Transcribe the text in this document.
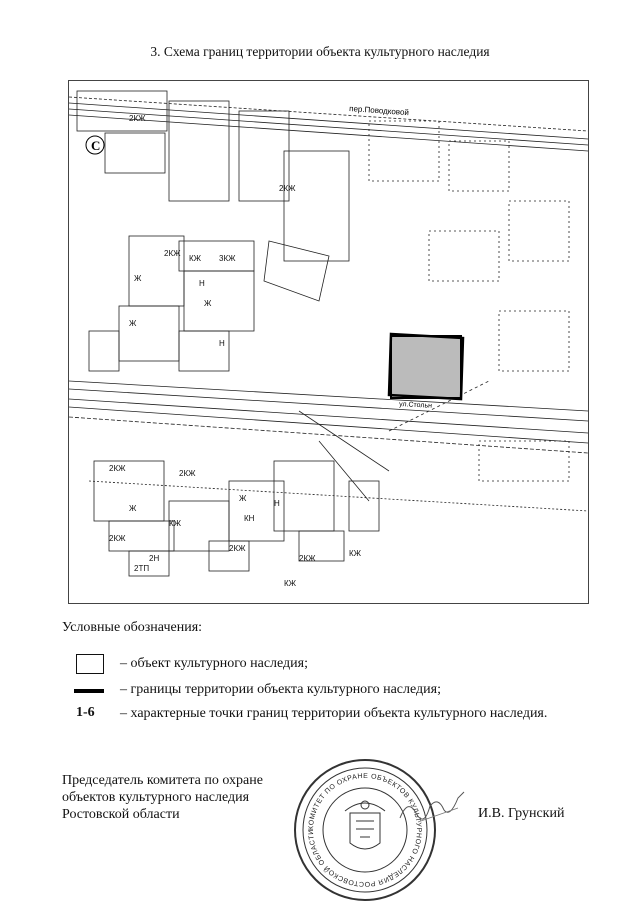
3. Схема границ территории объекта культурного наследия
С
пер.Поводковой
ул.Стольн
2КЖ
3КЖ
2КЖ
Ж
Н
КЖ
2КЖ
Ж
Н
2КЖ
2КЖ
2КЖ
КЖ
2КЖ
КЖ
Н
Ж
КН
2Н
2ТП
2КЖ
Ж
Ж
КЖ
Условные обозначения:
– объект культурного наследия;
– границы территории объекта культурного наследия;
1-6 – характерные точки границ территории объекта культурного наследия.
Председатель комитета по охране
объектов культурного наследия
Ростовской области
КОМИТЕТ ПО ОХРАНЕ ОБЪЕКТОВ КУЛЬТУРНОГО НАСЛЕДИЯ РОСТОВСКОЙ ОБЛАСТИ
И.В. Грунский
